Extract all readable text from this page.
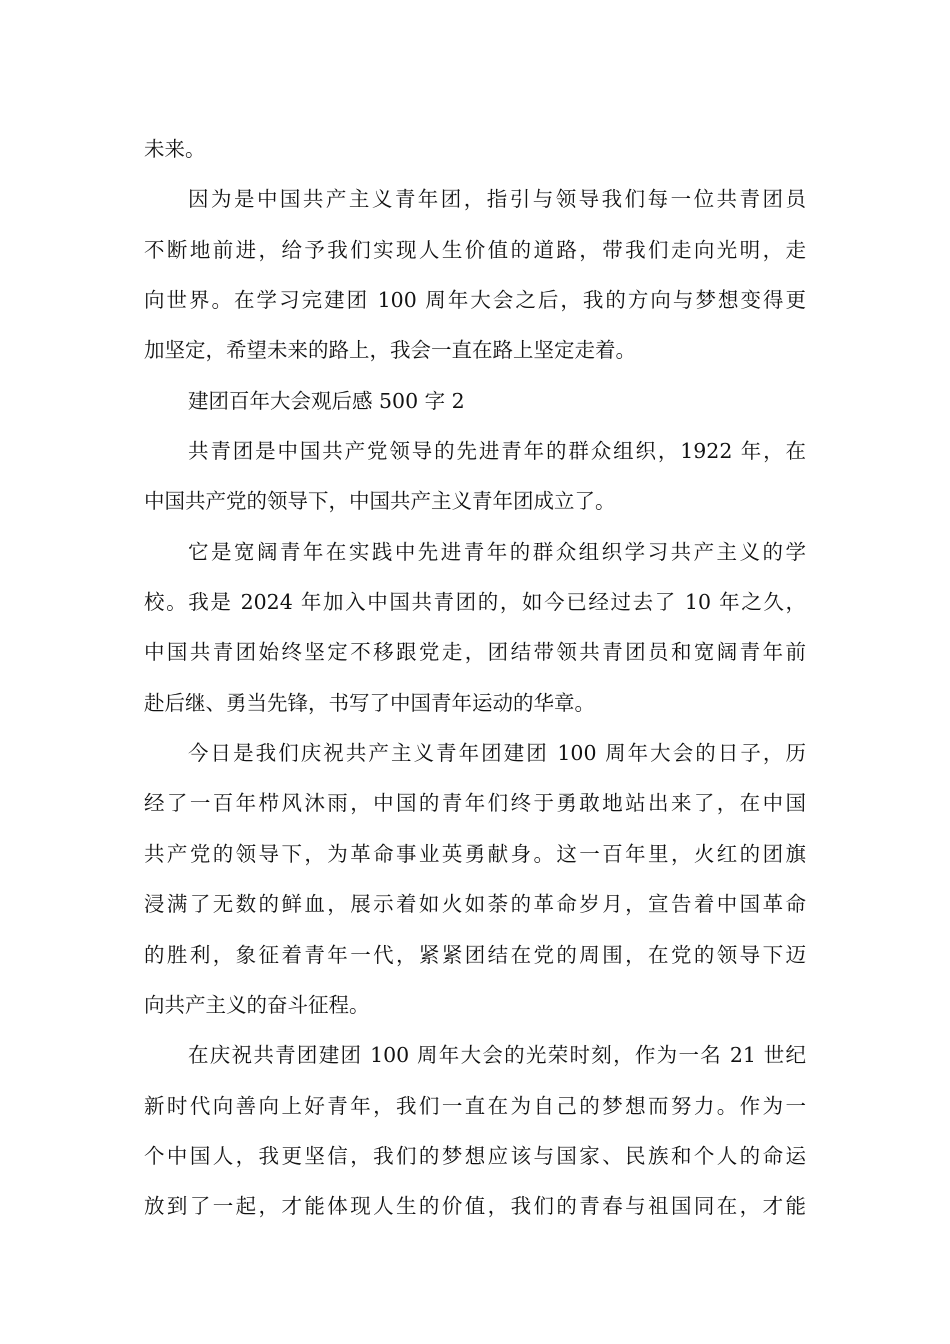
未来。
因为是中国共产主义青年团，指引与领导我们每一位共青团员
不断地前进，给予我们实现人生价值的道路，带我们走向光明，走
向世界。在学习完建团 100 周年大会之后，我的方向与梦想变得更
加坚定，希望未来的路上，我会一直在路上坚定走着。
建团百年大会观后感 500 字 2
共青团是中国共产党领导的先进青年的群众组织，1922 年，在
中国共产党的领导下，中国共产主义青年团成立了。
它是宽阔青年在实践中先进青年的群众组织学习共产主义的学
校。我是 2024 年加入中国共青团的，如今已经过去了 10 年之久，
中国共青团始终坚定不移跟党走，团结带领共青团员和宽阔青年前
赴后继、勇当先锋，书写了中国青年运动的华章。
今日是我们庆祝共产主义青年团建团 100 周年大会的日子，历
经了一百年栉风沐雨，中国的青年们终于勇敢地站出来了，在中国
共产党的领导下，为革命事业英勇献身。这一百年里，火红的团旗
浸满了无数的鲜血，展示着如火如荼的革命岁月，宣告着中国革命
的胜利，象征着青年一代，紧紧团结在党的周围，在党的领导下迈
向共产主义的奋斗征程。
在庆祝共青团建团 100 周年大会的光荣时刻，作为一名 21 世纪
新时代向善向上好青年，我们一直在为自己的梦想而努力。作为一
个中国人，我更坚信，我们的梦想应该与国家、民族和个人的命运
放到了一起，才能体现人生的价值，我们的青春与祖国同在，才能
